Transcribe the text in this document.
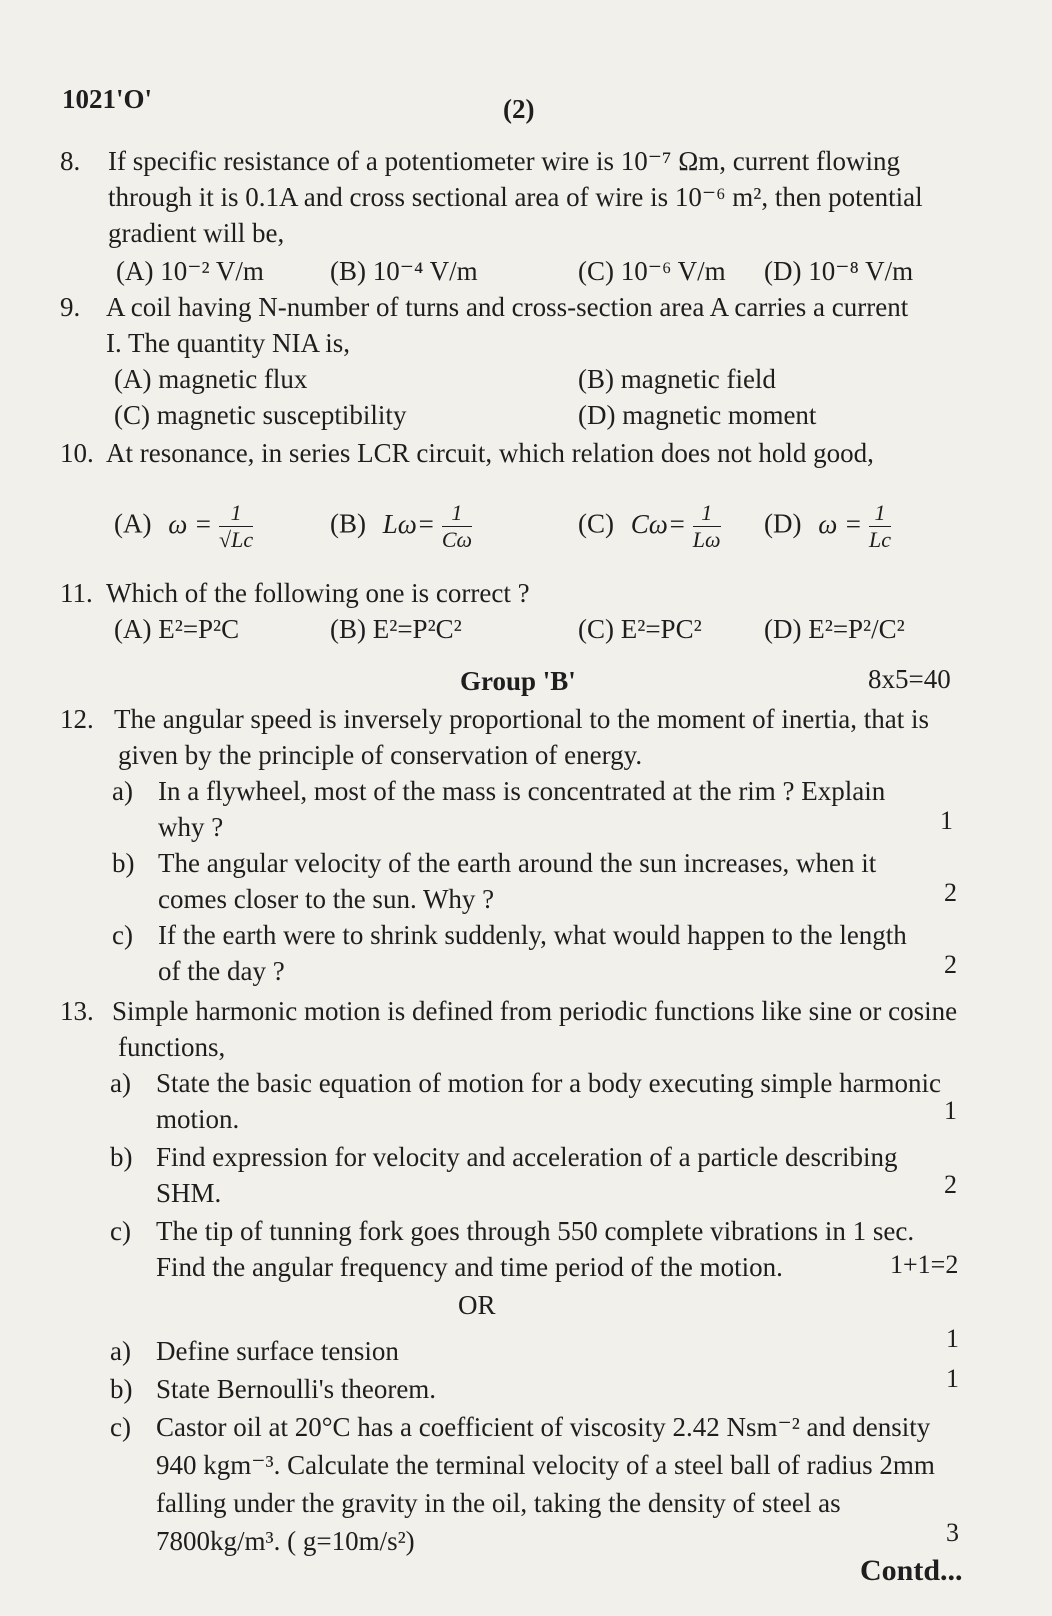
1021'O'	(2)
8. If specific resistance of a potentiometer wire is 10⁻⁷ Ωm, current flowing
through it is 0.1A and cross sectional area of wire is 10⁻⁶ m², then potential
gradient will be,
(A) 10⁻² V/m (B) 10⁻⁴ V/m	(C) 10⁻⁶ V/m (D) 10⁻⁸ V/m
9. A coil having N-number of turns and cross-section area A carries a current
I. The quantity NIA is,
(A) magnetic flux	(B) magnetic field
(C) magnetic susceptibility	(D) magnetic moment
10. At resonance, in series LCR circuit, which relation does not hold good,
(A) $\omega = \frac{1}{√Lc}$	(B) $L\omega= \frac{1}{C\omega}$	(C) $C\omega= \frac{1}{L\omega} (D) \omega = \frac{1}{Lc}$
11. Which of the following one is correct ?
(A) E²=P²C	(B) E²=P²C²	(C) E²=PC² (D) E²=P²/C²
Group 'B'	8x5=40
12. The angular speed is inversely proportional to the moment of inertia, that is
given by the principle of conservation of energy.
a) In a flywheel, most of the mass is concentrated at the rim ? Explain
why ?	1
b) The angular velocity of the earth around the sun increases, when it
comes closer to the sun. Why ?	2
c) If the earth were to shrink suddenly, what would happen to the length
of the day ?	2
13. Simple harmonic motion is defined from periodic functions like sine or cosine
functions,
a) State the basic equation of motion for a body executing simple harmonic
motion.	1
b) Find expression for velocity and acceleration of a particle describing
SHM.	2
c) The tip of tunning fork goes through 550 complete vibrations in 1 sec.
Find the angular frequency and time period of the motion.	1+1=2
OR
a) Define surface tension	1
b) State Bernoulli's theorem.	1
c) Castor oil at 20°C has a coefficient of viscosity 2.42 Nsm⁻² and density
940 kgm⁻³. Calculate the terminal velocity of a steel ball of radius 2mm
falling under the gravity in the oil, taking the density of steel as
7800kg/m³. ( g=10m/s²)	3
Contd...
